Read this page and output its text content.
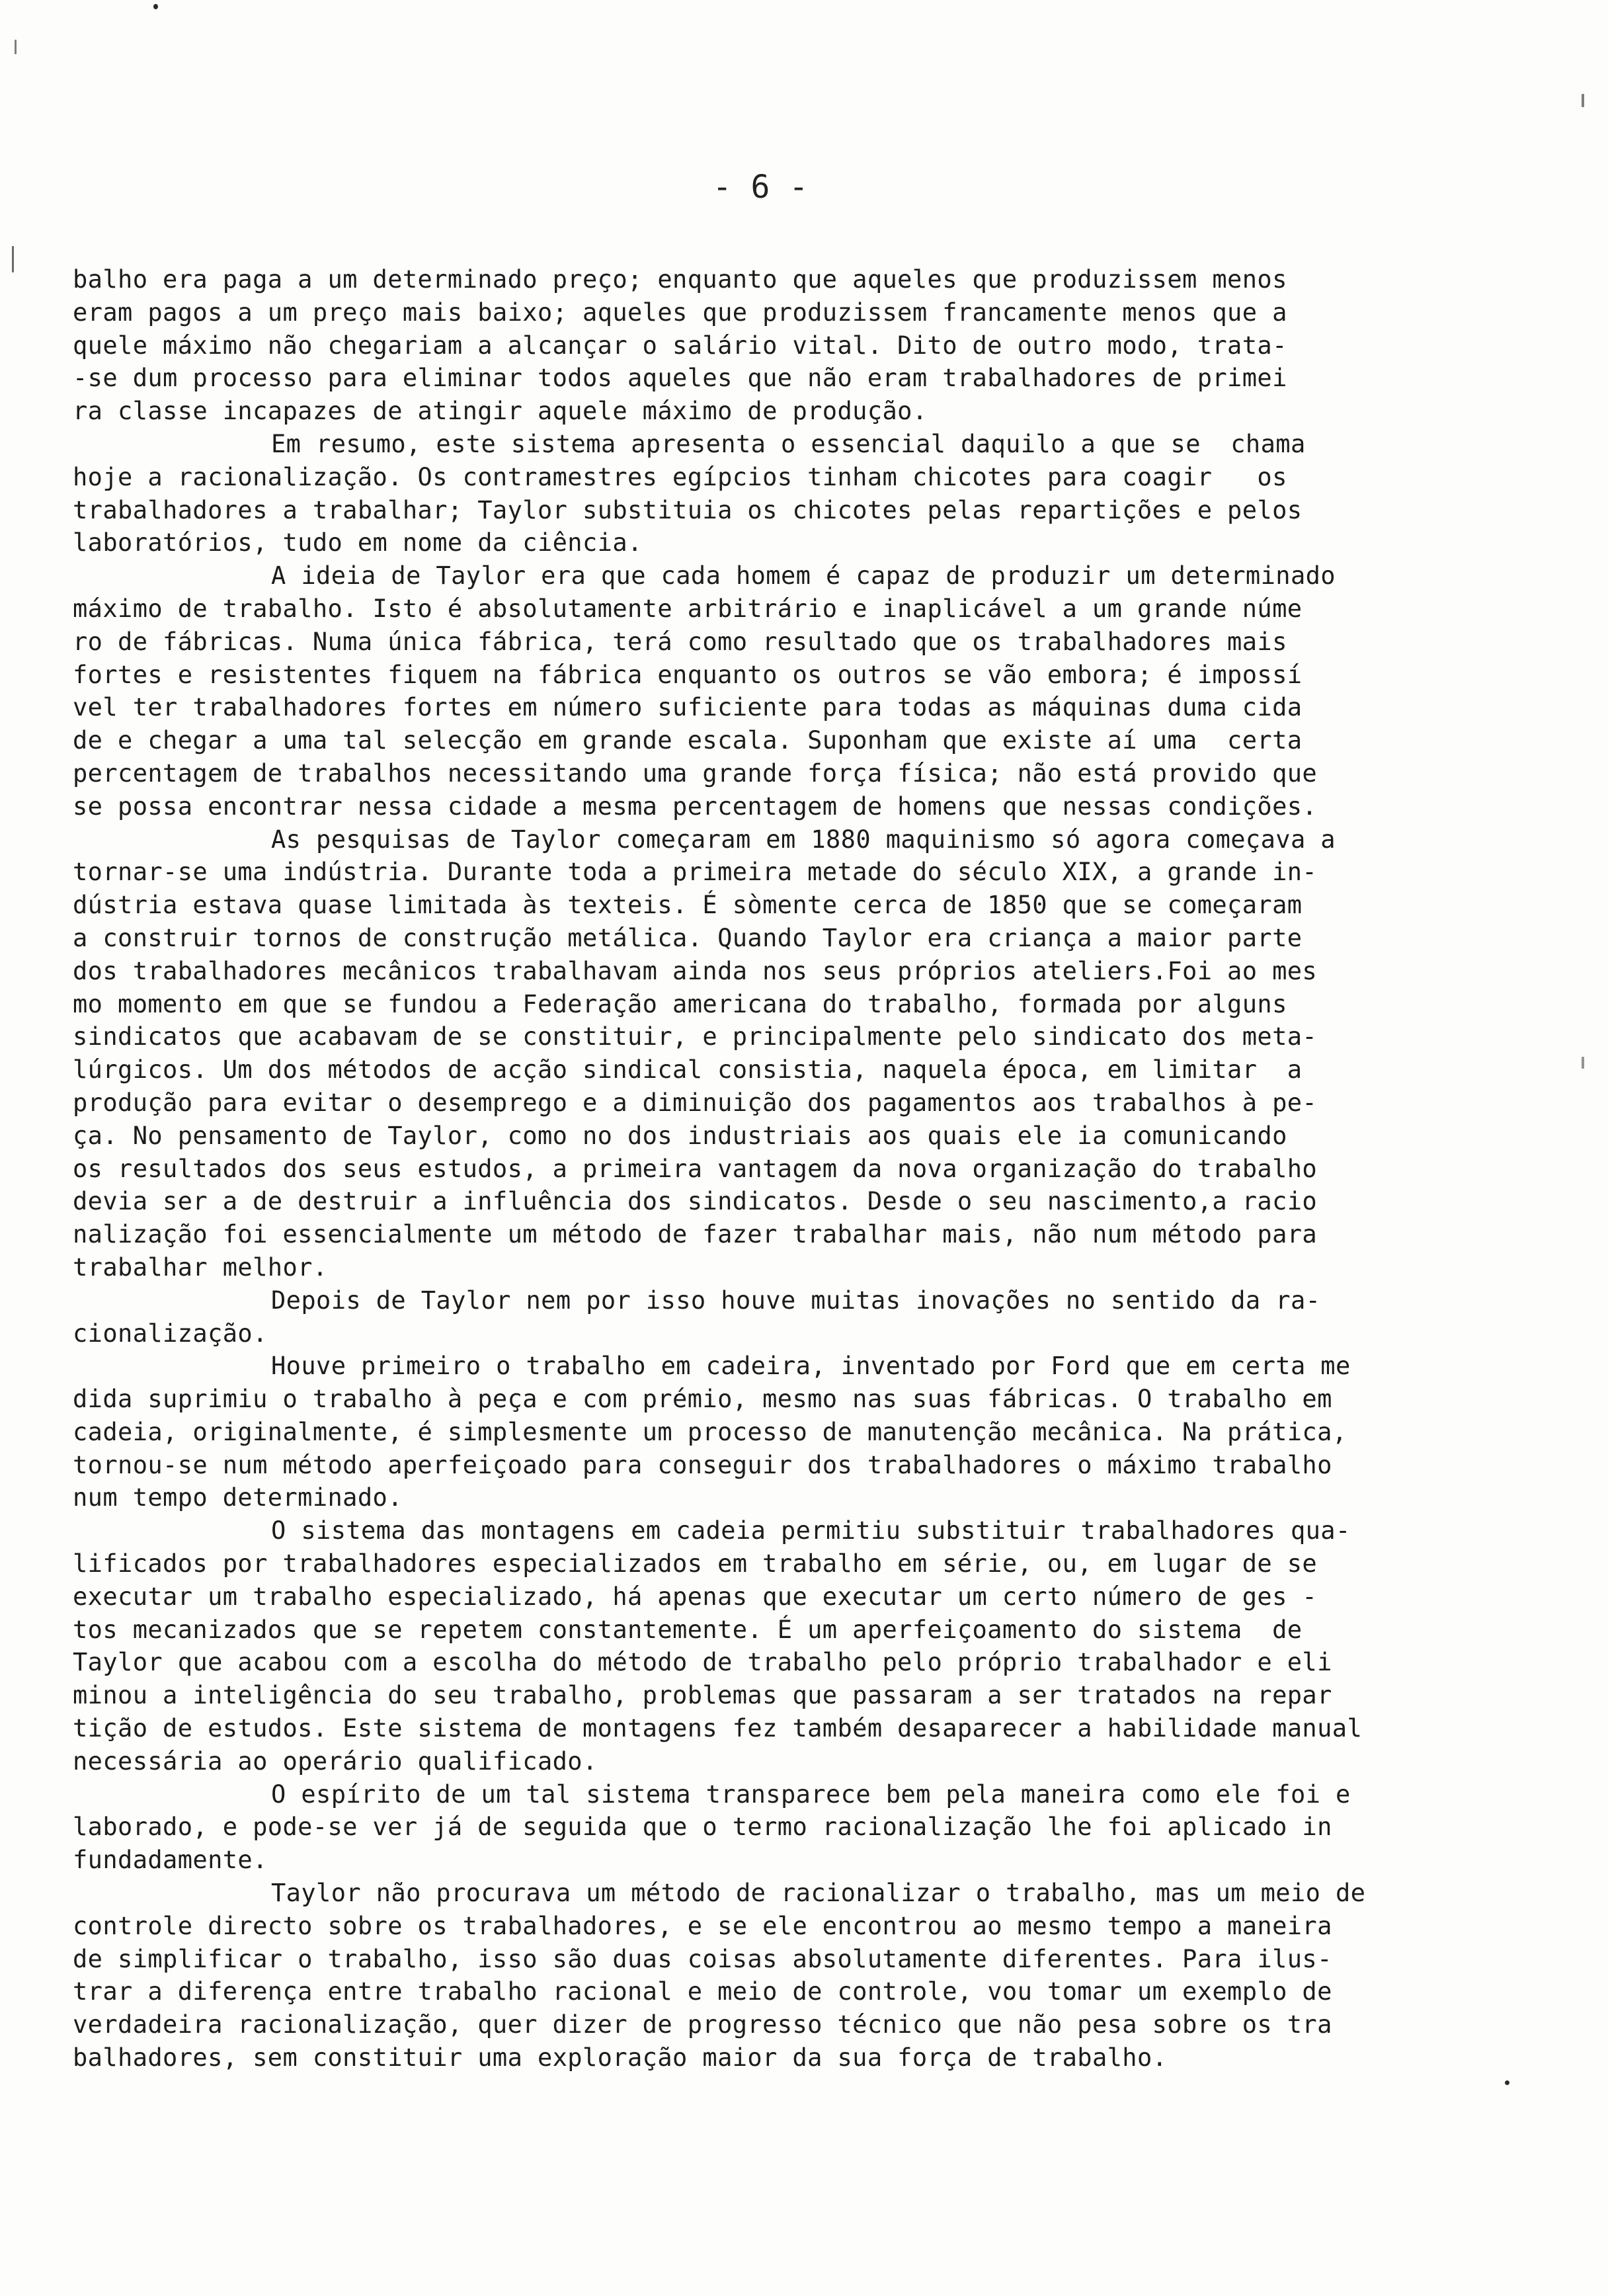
- 6 -

balho era paga a um determinado preço; enquanto que aqueles que produzissem menos
eram pagos a um preço mais baixo; aqueles que produzissem francamente menos que a
quele máximo não chegariam a alcançar o salário vital. Dito de outro modo, trata-
-se dum processo para eliminar todos aqueles que não eram trabalhadores de primei
ra classe incapazes de atingir aquele máximo de produção.
Em resumo, este sistema apresenta o essencial daquilo a que se  chama
hoje a racionalização. Os contramestres egípcios tinham chicotes para coagir   os
trabalhadores a trabalhar; Taylor substituia os chicotes pelas repartições e pelos
laboratórios, tudo em nome da ciência.
A ideia de Taylor era que cada homem é capaz de produzir um determinado
máximo de trabalho. Isto é absolutamente arbitrário e inaplicável a um grande núme
ro de fábricas. Numa única fábrica, terá como resultado que os trabalhadores mais
fortes e resistentes fiquem na fábrica enquanto os outros se vão embora; é impossí
vel ter trabalhadores fortes em número suficiente para todas as máquinas duma cida
de e chegar a uma tal selecção em grande escala. Suponham que existe aí uma  certa
percentagem de trabalhos necessitando uma grande força física; não está provido que
se possa encontrar nessa cidade a mesma percentagem de homens que nessas condições.
As pesquisas de Taylor começaram em 1880 maquinismo só agora começava a
tornar-se uma indústria. Durante toda a primeira metade do século XIX, a grande in-
dústria estava quase limitada às texteis. É sòmente cerca de 1850 que se começaram
a construir tornos de construção metálica. Quando Taylor era criança a maior parte
dos trabalhadores mecânicos trabalhavam ainda nos seus próprios ateliers.Foi ao mes
mo momento em que se fundou a Federação americana do trabalho, formada por alguns
sindicatos que acabavam de se constituir, e principalmente pelo sindicato dos meta-
lúrgicos. Um dos métodos de acção sindical consistia, naquela época, em limitar  a
produção para evitar o desemprego e a diminuição dos pagamentos aos trabalhos à pe-
ça. No pensamento de Taylor, como no dos industriais aos quais ele ia comunicando
os resultados dos seus estudos, a primeira vantagem da nova organização do trabalho
devia ser a de destruir a influência dos sindicatos. Desde o seu nascimento,a racio
nalização foi essencialmente um método de fazer trabalhar mais, não num método para
trabalhar melhor.
Depois de Taylor nem por isso houve muitas inovações no sentido da ra-
cionalização.
Houve primeiro o trabalho em cadeira, inventado por Ford que em certa me
dida suprimiu o trabalho à peça e com prémio, mesmo nas suas fábricas. O trabalho em
cadeia, originalmente, é simplesmente um processo de manutenção mecânica. Na prática,
tornou-se num método aperfeiçoado para conseguir dos trabalhadores o máximo trabalho
num tempo determinado.
O sistema das montagens em cadeia permitiu substituir trabalhadores qua-
lificados por trabalhadores especializados em trabalho em série, ou, em lugar de se
executar um trabalho especializado, há apenas que executar um certo número de ges -
tos mecanizados que se repetem constantemente. É um aperfeiçoamento do sistema  de
Taylor que acabou com a escolha do método de trabalho pelo próprio trabalhador e eli
minou a inteligência do seu trabalho, problemas que passaram a ser tratados na repar
tição de estudos. Este sistema de montagens fez também desaparecer a habilidade manual
necessária ao operário qualificado.
O espírito de um tal sistema transparece bem pela maneira como ele foi e
laborado, e pode-se ver já de seguida que o termo racionalização lhe foi aplicado in
fundadamente.
Taylor não procurava um método de racionalizar o trabalho, mas um meio de
controle directo sobre os trabalhadores, e se ele encontrou ao mesmo tempo a maneira
de simplificar o trabalho, isso são duas coisas absolutamente diferentes. Para ilus-
trar a diferença entre trabalho racional e meio de controle, vou tomar um exemplo de
verdadeira racionalização, quer dizer de progresso técnico que não pesa sobre os tra
balhadores, sem constituir uma exploração maior da sua força de trabalho.
